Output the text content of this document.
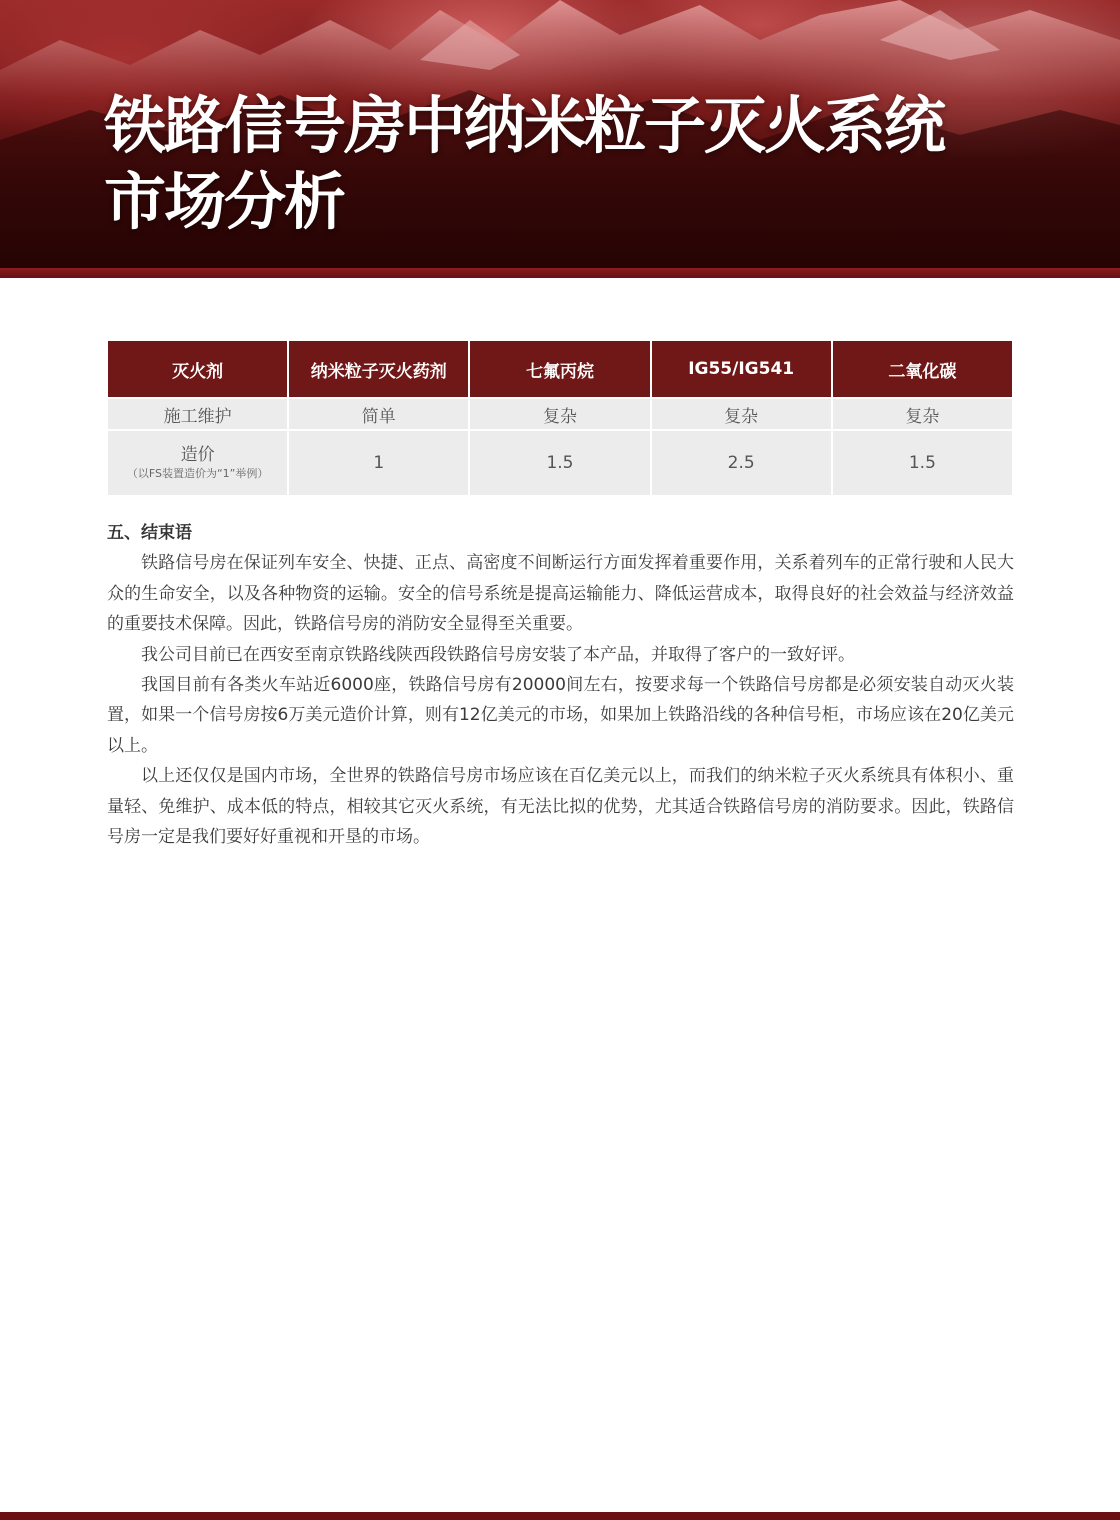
铁路信号房中纳米粒子灭火系统
市场分析
灭火剂	纳米粒子灭火药剂	七氟丙烷	IG55/IG541	二氧化碳
施工维护	简单	复杂	复杂	复杂

造价
（以FS装置造价为“1”举例）	1	1.5	2.5	1.5
五、结束语

铁路信号房在保证列车安全、快捷、正点、高密度不间断运行方面发挥着重要作用，关系着列车的正常行驶和人民大众的生命安全，以及各种物资的运输。安全的信号系统是提高运输能力、降低运营成本，取得良好的社会效益与经济效益的重要技术保障。因此，铁路信号房的消防安全显得至关重要。

我公司目前已在西安至南京铁路线陕西段铁路信号房安装了本产品，并取得了客户的一致好评。

我国目前有各类火车站近6000座，铁路信号房有20000间左右，按要求每一个铁路信号房都是必须安装自动灭火装置，如果一个信号房按6万美元造价计算，则有12亿美元的市场，如果加上铁路沿线的各种信号柜，市场应该在20亿美元以上。

以上还仅仅是国内市场，全世界的铁路信号房市场应该在百亿美元以上，而我们的纳米粒子灭火系统具有体积小、重量轻、免维护、成本低的特点，相较其它灭火系统，有无法比拟的优势，尤其适合铁路信号房的消防要求。因此，铁路信号房一定是我们要好好重视和开垦的市场。
